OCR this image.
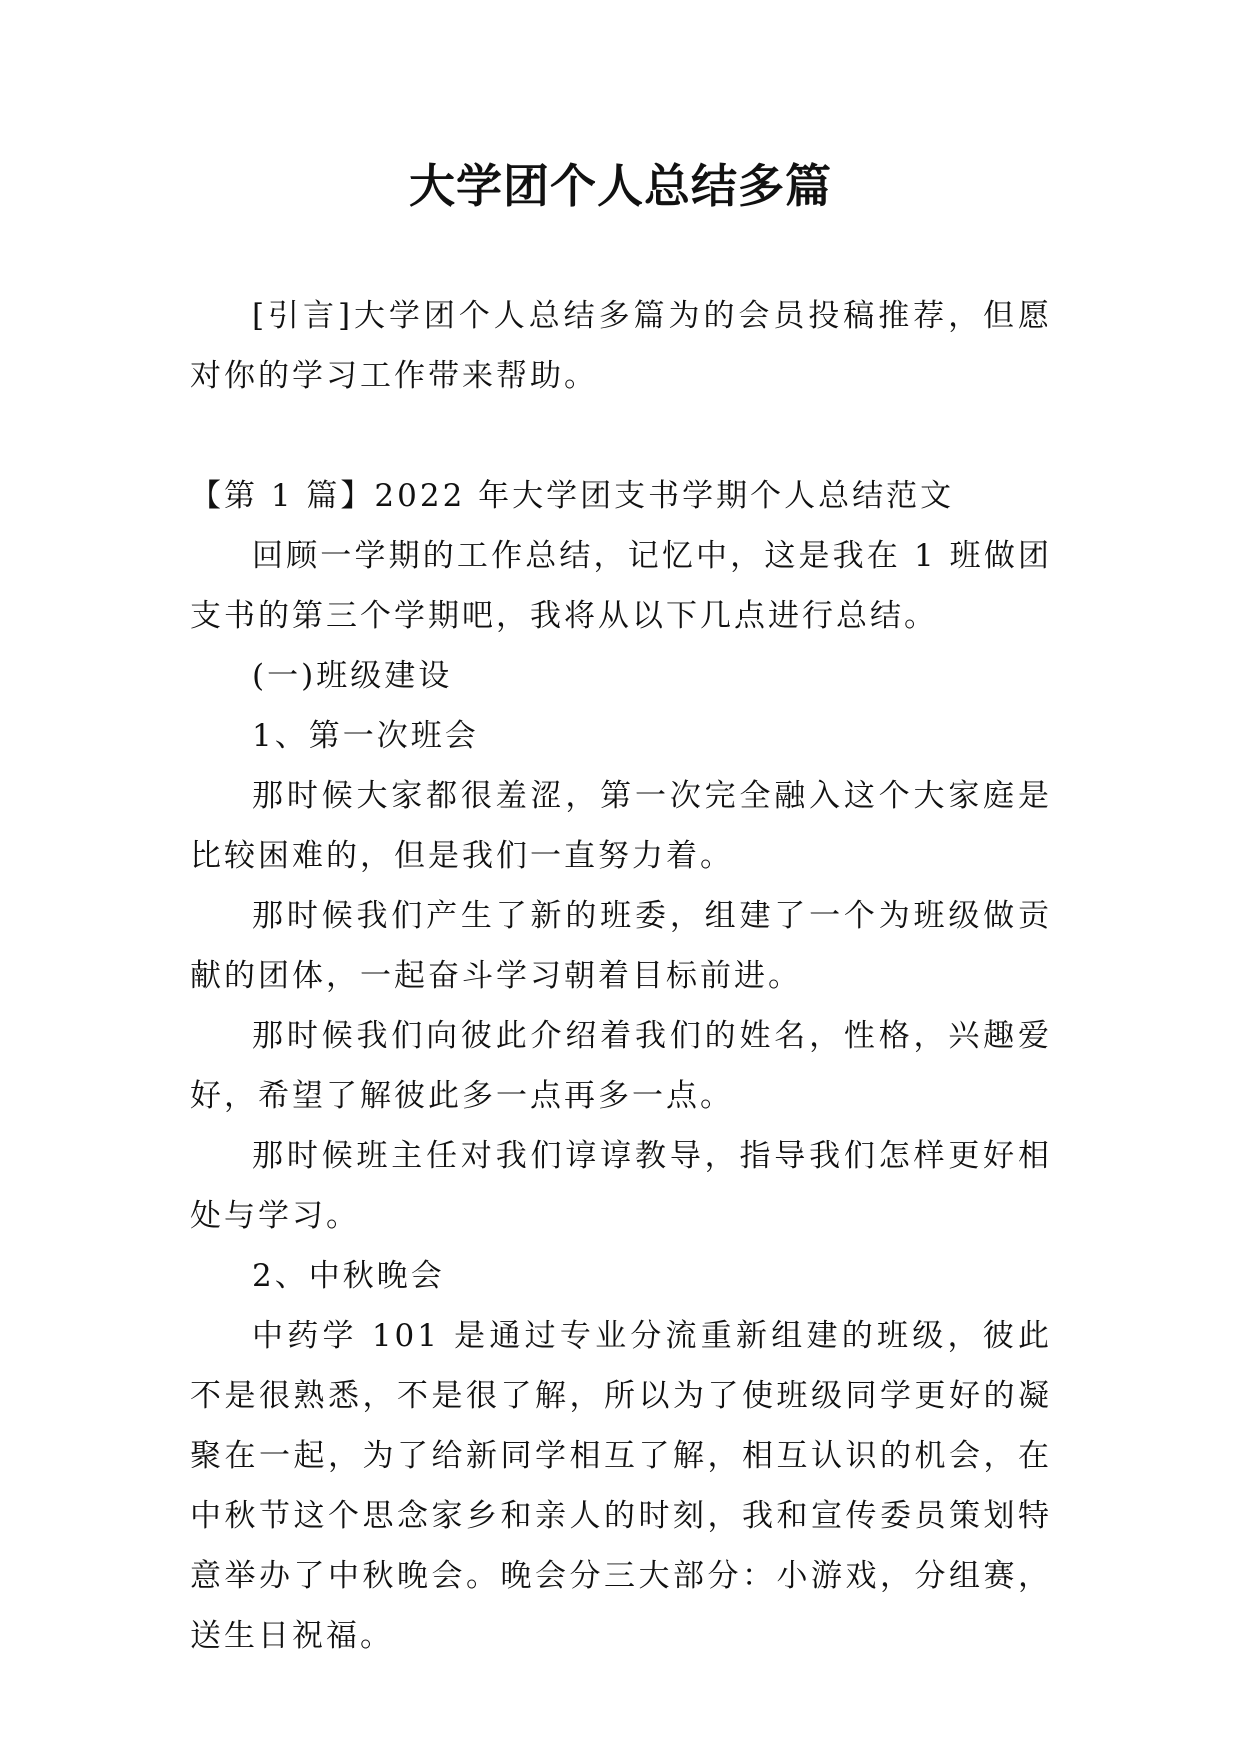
大学团个人总结多篇

[引言]大学团个人总结多篇为的会员投稿推荐，但愿对你的学习工作带来帮助。

【第 1 篇】2022 年大学团支书学期个人总结范文

回顾一学期的工作总结，记忆中，这是我在 1 班做团支书的第三个学期吧，我将从以下几点进行总结。

(一)班级建设

1、第一次班会

那时候大家都很羞涩，第一次完全融入这个大家庭是比较困难的，但是我们一直努力着。

那时候我们产生了新的班委，组建了一个为班级做贡献的团体，一起奋斗学习朝着目标前进。

那时候我们向彼此介绍着我们的姓名，性格，兴趣爱好，希望了解彼此多一点再多一点。

那时候班主任对我们谆谆教导，指导我们怎样更好相处与学习。

2、中秋晚会

中药学 101 是通过专业分流重新组建的班级，彼此不是很熟悉，不是很了解，所以为了使班级同学更好的凝聚在一起，为了给新同学相互了解，相互认识的机会，在中秋节这个思念家乡和亲人的时刻，我和宣传委员策划特意举办了中秋晚会。晚会分三大部分：小游戏，分组赛，送生日祝福。
